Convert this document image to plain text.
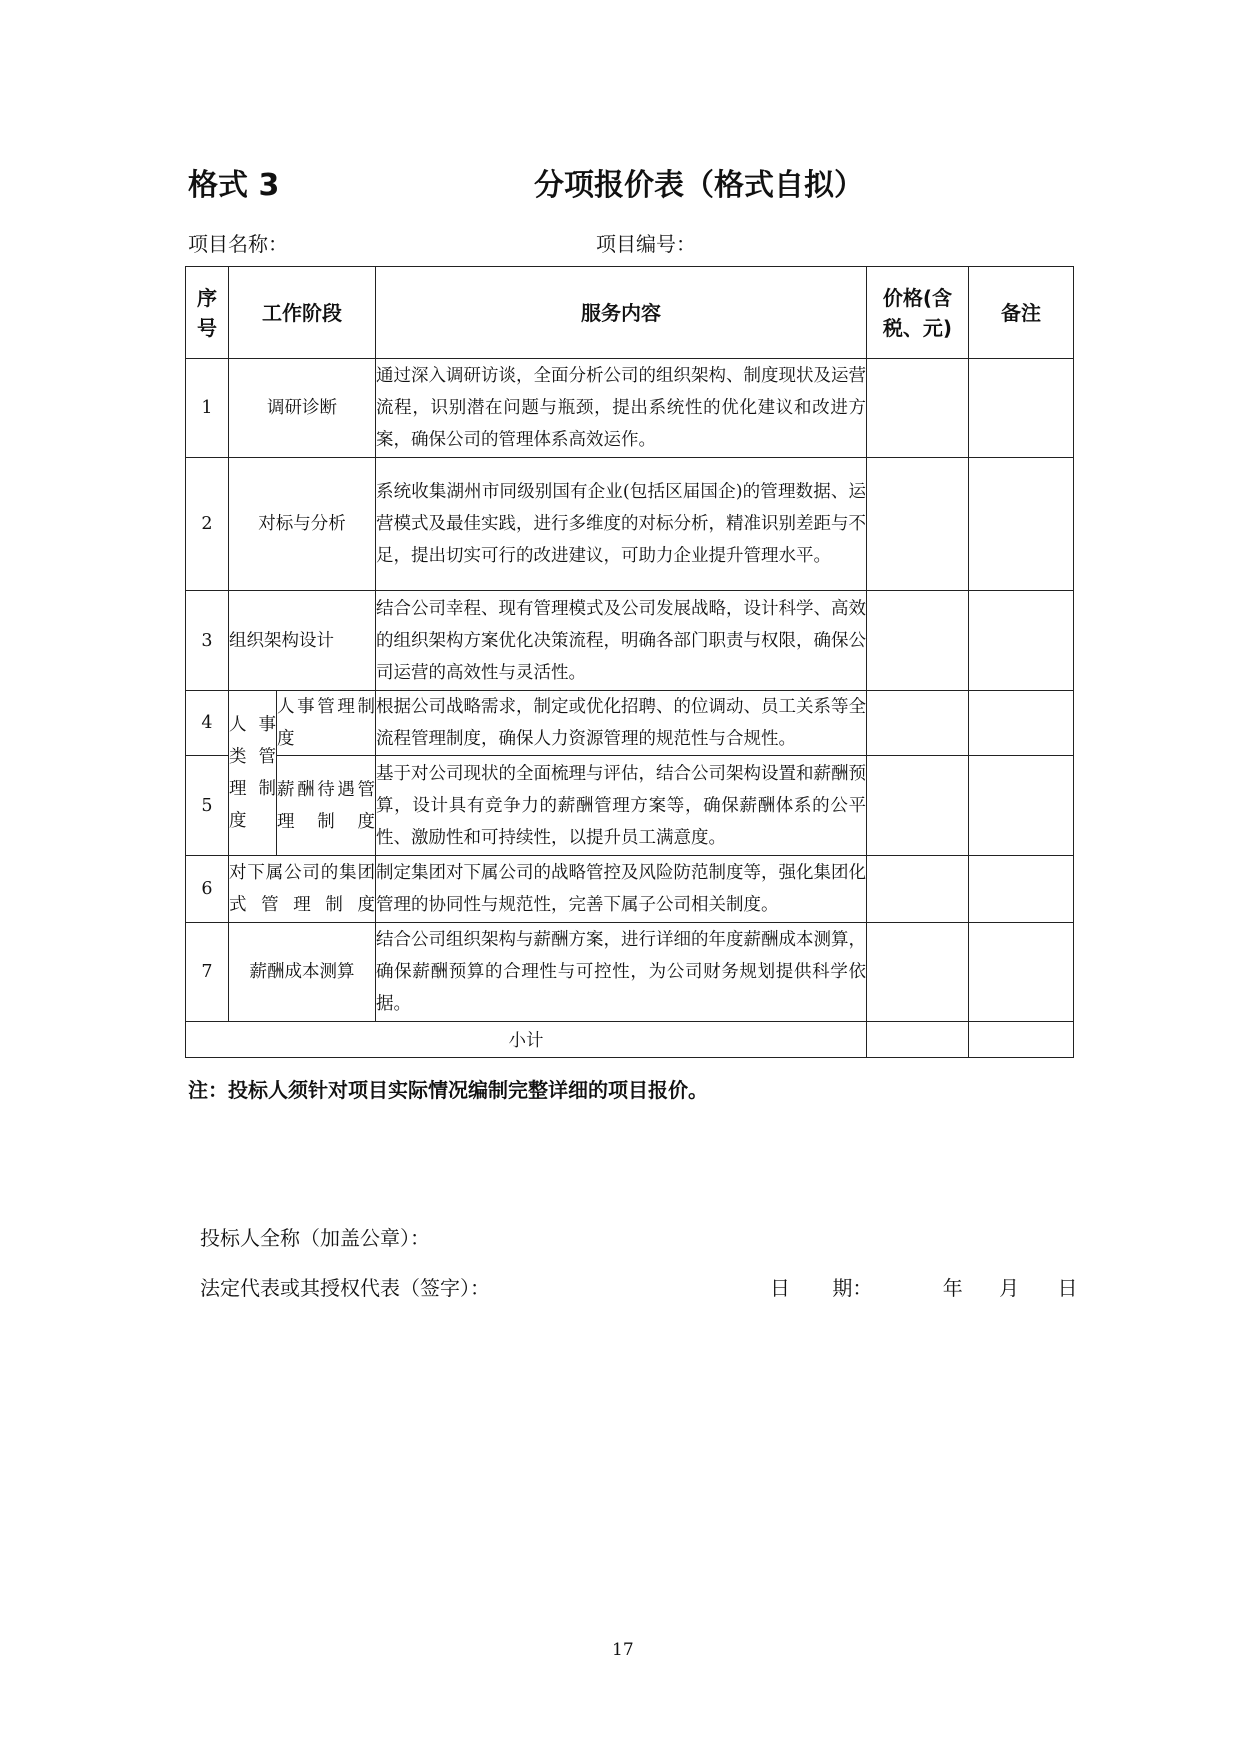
格式 3	分项报价表（格式自拟）
项目名称：	项目编号：
序号	工作阶段		服务内容	价格(含税、元)	备注
1	调研诊断		通过深入调研访谈，全面分析公司的组织架构、制度现状及运营流程，识别潜在问题与瓶颈，提出系统性的优化建议和改进方案，确保公司的管理体系高效运作。		
2	对标与分析		系统收集湖州市同级别国有企业(包括区届国企)的管理数据、运营模式及最佳实践，进行多维度的对标分析，精准识别差距与不足，提出切实可行的改进建议，可助力企业提升管理水平。		
3	组织架构设计		结合公司幸程、现有管理模式及公司发展战略，设计科学、高效的组织架构方案优化决策流程，明确各部门职责与权限，确保公司运营的高效性与灵活性。		
4	人事类管理制度	人事管理制度	根据公司战略需求，制定或优化招聘、的位调动、员工关系等全流程管理制度，确保人力资源管理的规范性与合规性。		
5		薪酬待遇管理制度	基于对公司现状的全面梳理与评估，结合公司架构设置和薪酬预算，设计具有竞争力的薪酬管理方案等，确保薪酬体系的公平性、激励性和可持续性，以提升员工满意度。		
6	对下属公司的集团式管理制度		制定集团对下属公司的战略管控及风险防范制度等，强化集团化管理的协同性与规范性，完善下属子公司相关制度。		
7	薪酬成本测算		结合公司组织架构与薪酬方案，进行详细的年度薪酬成本测算，确保薪酬预算的合理性与可控性，为公司财务规划提供科学依据。		
小计					
注：投标人须针对项目实际情况编制完整详细的项目报价。
投标人全称（加盖公章）：
法定代表或其授权代表（签字）：	日 期：	年 月 日
17
